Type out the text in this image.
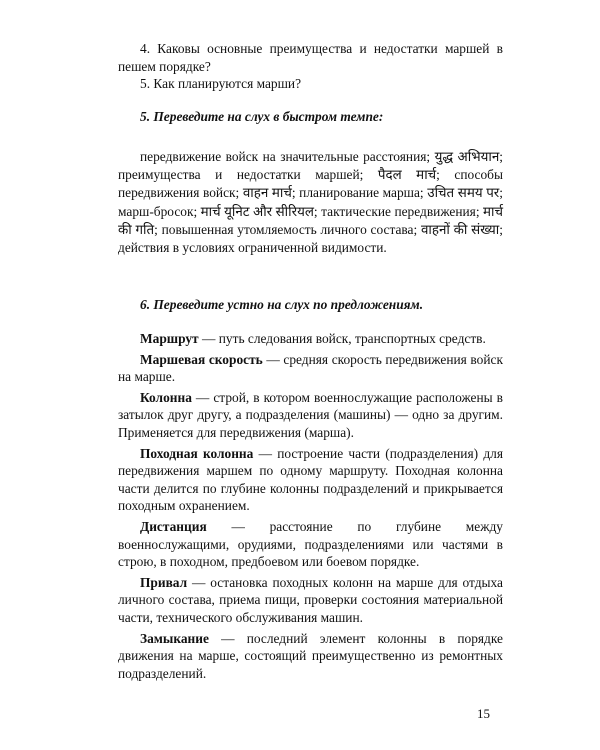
4. Каковы основные преимущества и недостатки маршей в пешем порядке?

5. Как планируются марши?

5. Переведите на слух в быстром темпе:

передвижение войск на значительные расстояния; युद्ध अभियान; преимущества и недостатки маршей; पैदल मार्च; способы передвижения войск; वाहन मार्च; планирование марша; उचित समय पर; марш-бросок; मार्च यूनिट और सीरियल; тактические передвижения; मार्च की गति; повышенная утомляемость личного состава; वाहनों की संख्या; действия в условиях ограниченной видимости.

6. Переведите устно на слух по предложениям.

Маршрут — путь следования войск, транспортных средств.

Маршевая скорость — средняя скорость передвижения войск на марше.

Колонна — строй, в котором военнослужащие расположены в затылок друг другу, а подразделения (машины) — одно за другим. Применяется для передвижения (марша).

Походная колонна — построение части (подразделения) для передвижения маршем по одному маршруту. Походная колонна части делится по глубине колонны подразделений и прикрывается походным охранением.

Дистанция — расстояние по глубине между военнослужащими, орудиями, подразделениями или частями в строю, в походном, предбоевом или боевом порядке.

Привал — остановка походных колонн на марше для отдыха личного состава, приема пищи, проверки состояния материальной части, технического обслуживания машин.

Замыкание — последний элемент колонны в порядке движения на марше, состоящий преимущественно из ремонтных подразделений.

15
